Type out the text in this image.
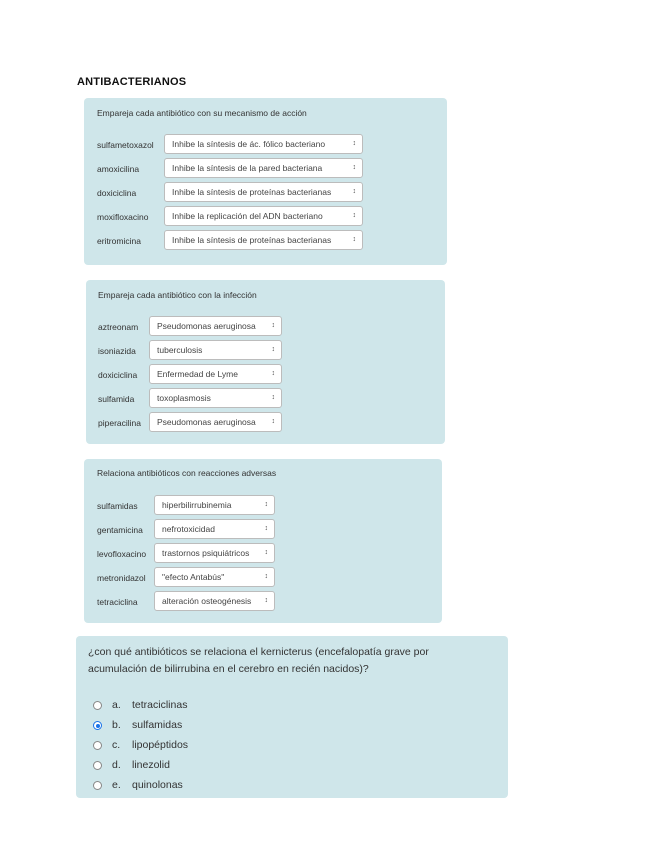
ANTIBACTERIANOS
Empareja cada antibiótico con su mecanismo de acción
sulfametoxazol	Inhibe la síntesis de ác. fólico bacteriano	↕
amoxicilina	Inhibe la síntesis de la pared bacteriana	↕
doxiciclina	Inhibe la síntesis de proteínas bacterianas	↕
moxifloxacino	Inhibe la replicación del ADN bacteriano	↕
eritromicina	Inhibe la síntesis de proteínas bacterianas	↕
Empareja cada antibiótico con la infección
aztreonam	Pseudomonas aeruginosa ↕
isoniazida	tuberculosis	↕
doxiciclina	Enfermedad de Lyme	↕
sulfamida	toxoplasmosis	↕
piperacilina	Pseudomonas aeruginosa ↕
Relaciona antibióticos con reacciones adversas
sulfamidas	hiperbilirrubinemia	↕
gentamicina	nefrotoxicidad	↕
levofloxacino	trastornos psiquiátricos ↕
metronidazol	"efecto Antabús"	↕
tetraciclina	alteración osteogénesis ↕
¿con qué antibióticos se relaciona el kernicterus (encefalopatía grave por acumulación de bilirrubina en el cerebro en recién nacidos)?
a. tetraciclinas
b. sulfamidas
c. lipopéptidos
d. linezolid
e. quinolonas
